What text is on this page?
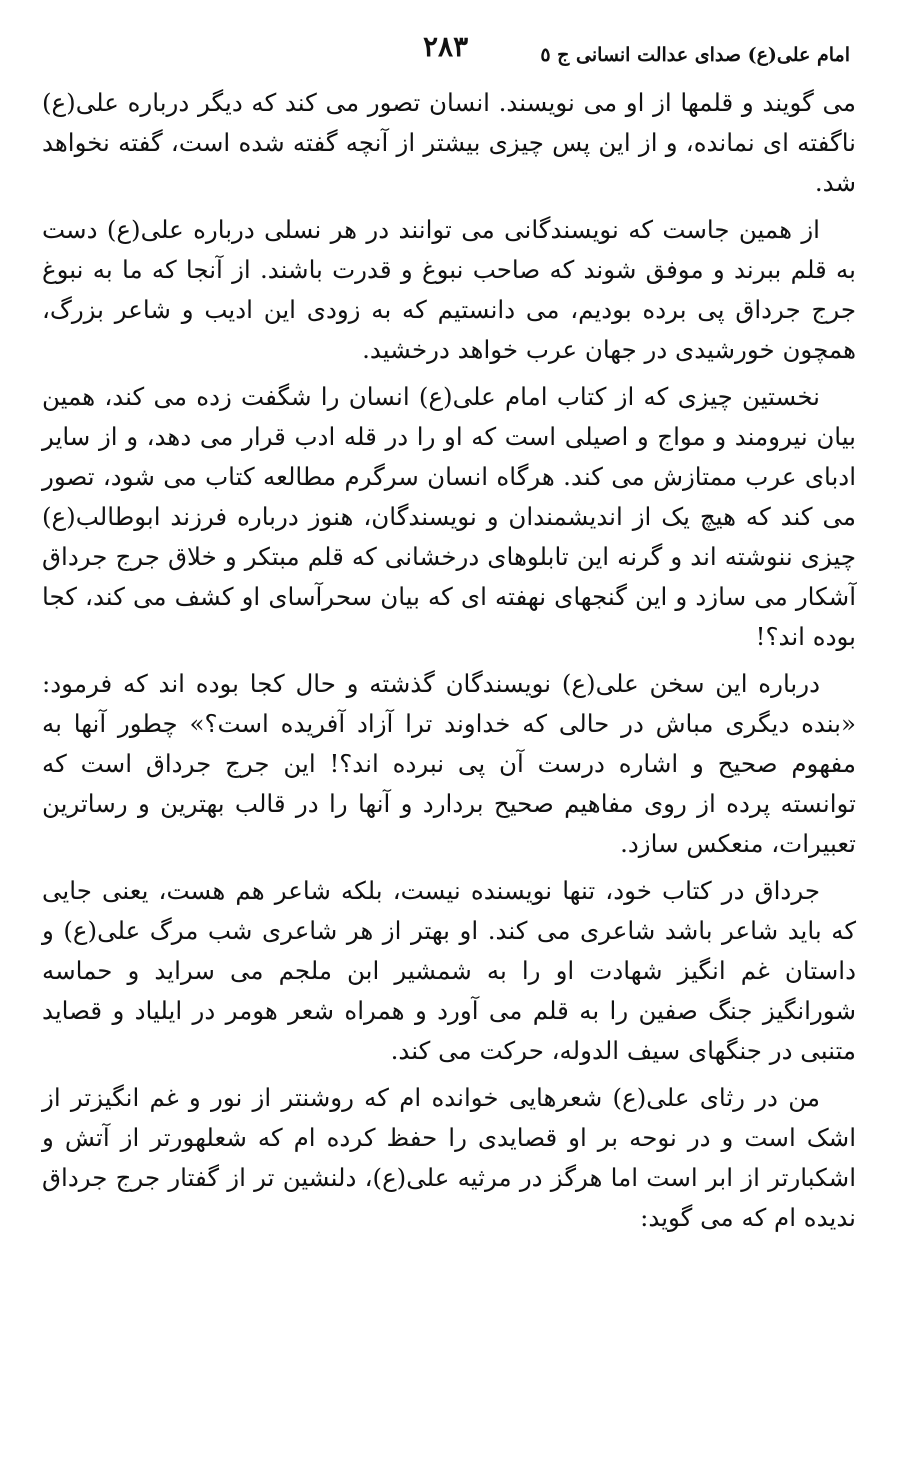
امام علی(ع) صدای عدالت انسانی ج ٥
٢٨٣

می گویند و قلمها از او می نویسند. انسان تصور می کند که دیگر درباره علی(ع) ناگفته ای نمانده، و از این پس چیزی بیشتر از آنچه گفته شده است، گفته نخواهد شد.

از همین جاست که نویسندگانی می توانند در هر نسلی درباره علی(ع) دست به قلم ببرند و موفق شوند که صاحب نبوغ و قدرت باشند. از آنجا که ما به نبوغ جرج جرداق پی برده بودیم، می دانستیم که به زودی این ادیب و شاعر بزرگ، همچون خورشیدی در جهان عرب خواهد درخشید.

نخستین چیزی که از کتاب امام علی(ع) انسان را شگفت زده می کند، همین بیان نیرومند و مواج و اصیلی است که او را در قله ادب قرار می دهد، و از سایر ادبای عرب ممتازش می کند. هرگاه انسان سرگرم مطالعه کتاب می شود، تصور می کند که هیچ یک از اندیشمندان و نویسندگان، هنوز درباره فرزند ابوطالب(ع) چیزی ننوشته اند و گرنه این تابلوهای درخشانی که قلم مبتکر و خلاق جرج جرداق آشکار می سازد و این گنجهای نهفته ای که بیان سحرآسای او کشف می کند، کجا بوده اند؟!

درباره این سخن علی(ع) نویسندگان گذشته و حال کجا بوده اند که فرمود: «بنده دیگری مباش در حالی که خداوند ترا آزاد آفریده است؟» چطور آنها به مفهوم صحیح و اشاره درست آن پی نبرده اند؟! این جرج جرداق است که توانسته پرده از روی مفاهیم صحیح بردارد و آنها را در قالب بهترین و رساترین تعبیرات، منعکس سازد.

جرداق در کتاب خود، تنها نویسنده نیست، بلکه شاعر هم هست، یعنی جایی که باید شاعر باشد شاعری می کند. او بهتر از هر شاعری شب مرگ علی(ع) و داستان غم انگیز شهادت او را به شمشیر ابن ملجم می سراید و حماسه شورانگیز جنگ صفین را به قلم می آورد و همراه شعر هومر در ایلیاد و قصاید متنبی در جنگهای سیف الدوله، حرکت می کند.

من در رثای علی(ع) شعرهایی خوانده ام که روشنتر از نور و غم انگیزتر از اشک است و در نوحه بر او قصایدی را حفظ کرده ام که شعلهورتر از آتش و اشکبارتر از ابر است اما هرگز در مرثیه علی(ع)، دلنشین تر از گفتار جرج جرداق ندیده ام که می گوید:
